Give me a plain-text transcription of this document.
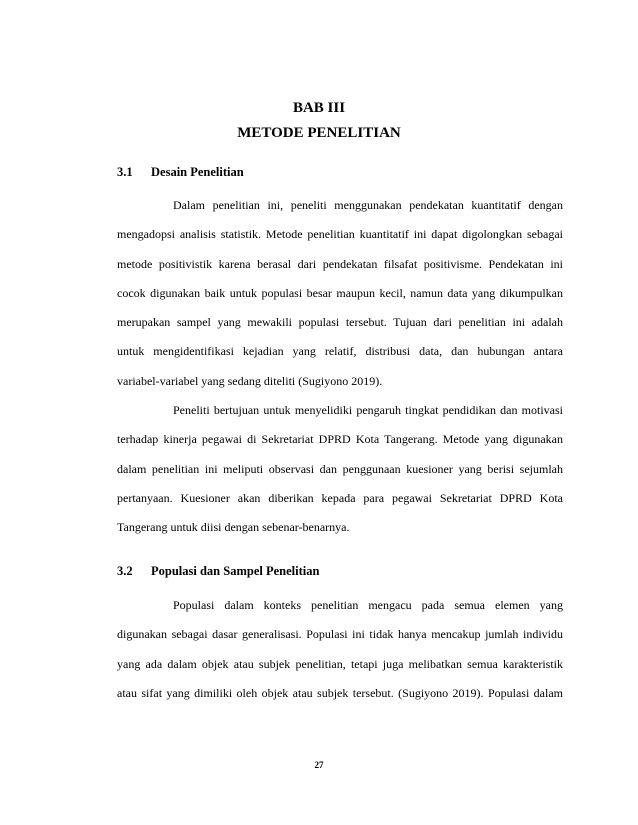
BAB III
METODE PENELITIAN
3.1 Desain Penelitian
Dalam penelitian ini, peneliti menggunakan pendekatan kuantitatif dengan
mengadopsi analisis statistik. Metode penelitian kuantitatif ini dapat digolongkan sebagai
metode positivistik karena berasal dari pendekatan filsafat positivisme. Pendekatan ini
cocok digunakan baik untuk populasi besar maupun kecil, namun data yang dikumpulkan
merupakan sampel yang mewakili populasi tersebut. Tujuan dari penelitian ini adalah
untuk mengidentifikasi kejadian yang relatif, distribusi data, dan hubungan antara
variabel-variabel yang sedang diteliti (Sugiyono 2019).
Peneliti bertujuan untuk menyelidiki pengaruh tingkat pendidikan dan motivasi
terhadap kinerja pegawai di Sekretariat DPRD Kota Tangerang. Metode yang digunakan
dalam penelitian ini meliputi observasi dan penggunaan kuesioner yang berisi sejumlah
pertanyaan. Kuesioner akan diberikan kepada para pegawai Sekretariat DPRD Kota
Tangerang untuk diisi dengan sebenar-benarnya.
3.2 Populasi dan Sampel Penelitian
Populasi dalam konteks penelitian mengacu pada semua elemen yang
digunakan sebagai dasar generalisasi. Populasi ini tidak hanya mencakup jumlah individu
yang ada dalam objek atau subjek penelitian, tetapi juga melibatkan semua karakteristik
atau sifat yang dimiliki oleh objek atau subjek tersebut. (Sugiyono 2019). Populasi dalam
27
